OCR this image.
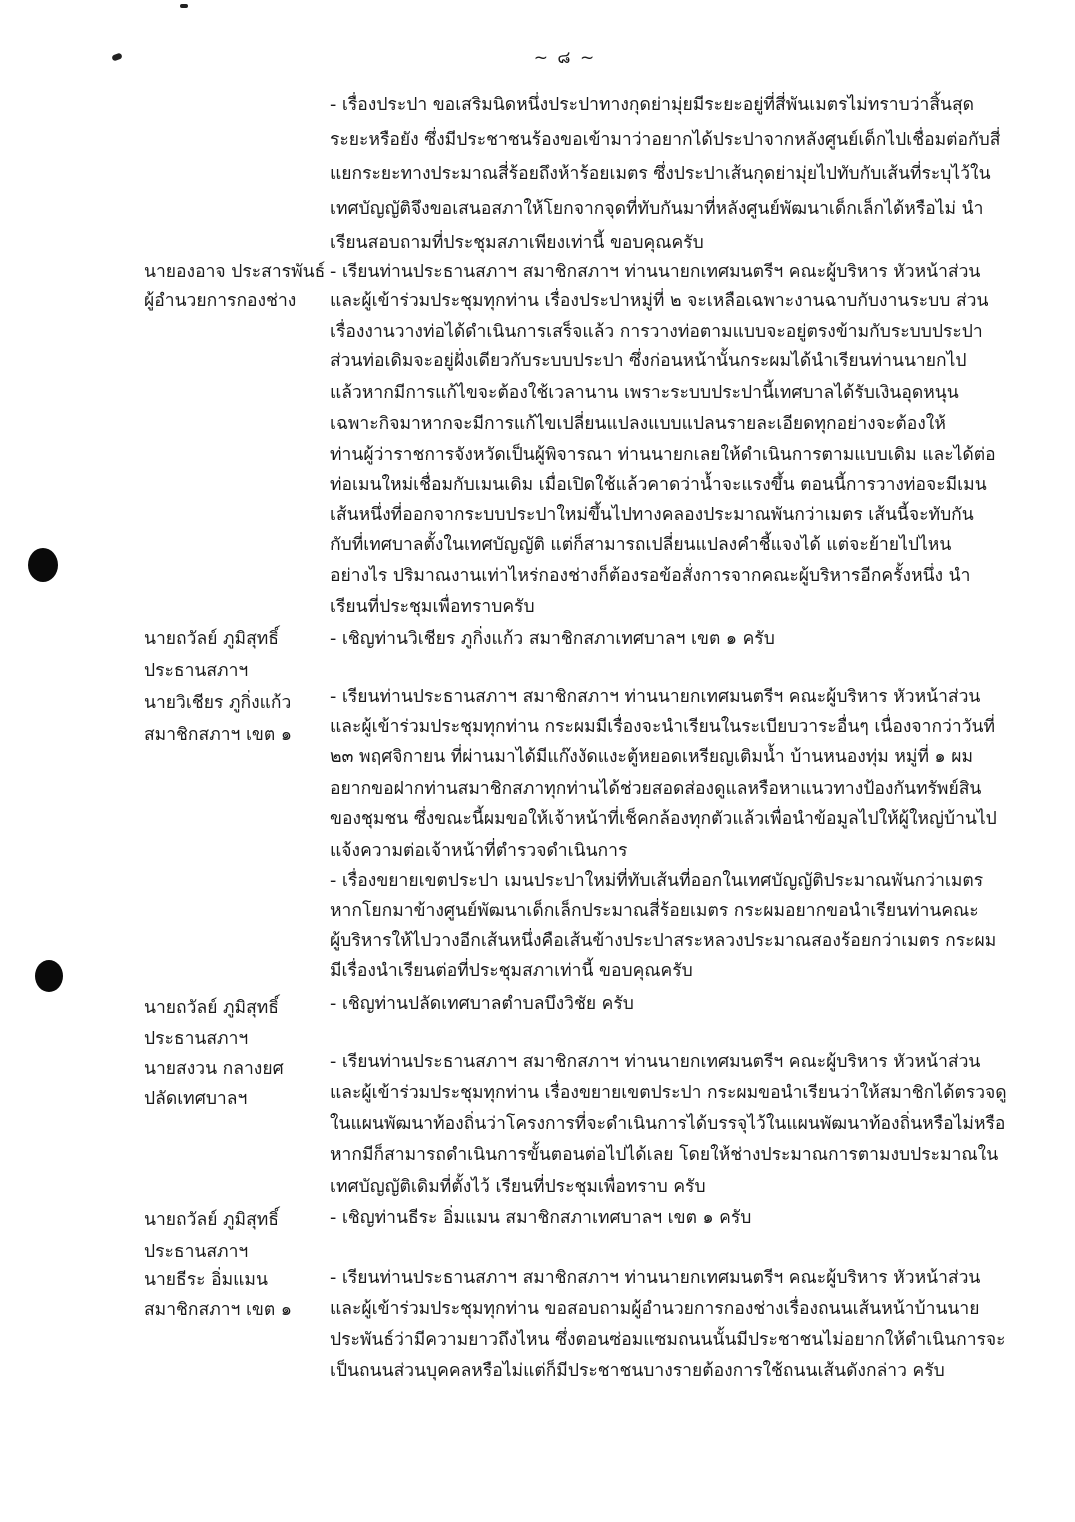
~ ๘ ~
- เรื่องประปา ขอเสริมนิดหนึ่งประปาทางกุดย่ามุ่ยมีระยะอยู่ที่สี่พันเมตรไม่ทราบว่าสิ้นสุด
ระยะหรือยัง ซึ่งมีประชาชนร้องขอเข้ามาว่าอยากได้ประปาจากหลังศูนย์เด็กไปเชื่อมต่อกับสี่
แยกระยะทางประมาณสี่ร้อยถึงห้าร้อยเมตร ซึ่งประปาเส้นกุดย่ามุ่ยไปทับกับเส้นที่ระบุไว้ใน
เทศบัญญัติจึงขอเสนอสภาให้โยกจากจุดที่ทับกันมาที่หลังศูนย์พัฒนาเด็กเล็กได้หรือไม่ นำ
เรียนสอบถามที่ประชุมสภาเพียงเท่านี้ ขอบคุณครับ
นายองอาจ ประสารพันธ์
ผู้อำนวยการกองช่าง
- เรียนท่านประธานสภาฯ สมาชิกสภาฯ ท่านนายกเทศมนตรีฯ คณะผู้บริหาร หัวหน้าส่วน
และผู้เข้าร่วมประชุมทุกท่าน เรื่องประปาหมู่ที่ ๒ จะเหลือเฉพาะงานฉาบกับงานระบบ ส่วน
เรื่องงานวางท่อได้ดำเนินการเสร็จแล้ว การวางท่อตามแบบจะอยู่ตรงข้ามกับระบบประปา
ส่วนท่อเดิมจะอยู่ฝั่งเดียวกับระบบประปา ซึ่งก่อนหน้านั้นกระผมได้นำเรียนท่านนายกไป
แล้วหากมีการแก้ไขจะต้องใช้เวลานาน เพราะระบบประปานี้เทศบาลได้รับเงินอุดหนุน
เฉพาะกิจมาหากจะมีการแก้ไขเปลี่ยนแปลงแบบแปลนรายละเอียดทุกอย่างจะต้องให้
ท่านผู้ว่าราชการจังหวัดเป็นผู้พิจารณา ท่านนายกเลยให้ดำเนินการตามแบบเดิม และได้ต่อ
ท่อเมนใหม่เชื่อมกับเมนเดิม เมื่อเปิดใช้แล้วคาดว่าน้ำจะแรงขึ้น ตอนนี้การวางท่อจะมีเมน
เส้นหนึ่งที่ออกจากระบบประปาใหม่ขึ้นไปทางคลองประมาณพันกว่าเมตร เส้นนี้จะทับกัน
กับที่เทศบาลตั้งในเทศบัญญัติ แต่ก็สามารถเปลี่ยนแปลงคำชี้แจงได้ แต่จะย้ายไปไหน
อย่างไร ปริมาณงานเท่าไหร่กองช่างก็ต้องรอข้อสั่งการจากคณะผู้บริหารอีกครั้งหนึ่ง นำ
เรียนที่ประชุมเพื่อทราบครับ
นายถวัลย์ ภูมิสุทธิ์
ประธานสภาฯ
- เชิญท่านวิเชียร ภูกิ่งแก้ว สมาชิกสภาเทศบาลฯ เขต ๑ ครับ
นายวิเชียร ภูกิ่งแก้ว
สมาชิกสภาฯ เขต ๑
- เรียนท่านประธานสภาฯ สมาชิกสภาฯ ท่านนายกเทศมนตรีฯ คณะผู้บริหาร หัวหน้าส่วน
และผู้เข้าร่วมประชุมทุกท่าน กระผมมีเรื่องจะนำเรียนในระเบียบวาระอื่นๆ เนื่องจากว่าวันที่
๒๓ พฤศจิกายน ที่ผ่านมาได้มีแก๊งงัดแงะตู้หยอดเหรียญเติมน้ำ บ้านหนองทุ่ม หมู่ที่ ๑ ผม
อยากขอฝากท่านสมาชิกสภาทุกท่านได้ช่วยสอดส่องดูแลหรือหาแนวทางป้องกันทรัพย์สิน
ของชุมชน ซึ่งขณะนี้ผมขอให้เจ้าหน้าที่เช็คกล้องทุกตัวแล้วเพื่อนำข้อมูลไปให้ผู้ใหญ่บ้านไป
แจ้งความต่อเจ้าหน้าที่ตำรวจดำเนินการ
- เรื่องขยายเขตประปา เมนประปาใหม่ที่ทับเส้นที่ออกในเทศบัญญัติประมาณพันกว่าเมตร
หากโยกมาข้างศูนย์พัฒนาเด็กเล็กประมาณสี่ร้อยเมตร กระผมอยากขอนำเรียนท่านคณะ
ผู้บริหารให้ไปวางอีกเส้นหนึ่งคือเส้นข้างประปาสระหลวงประมาณสองร้อยกว่าเมตร กระผม
มีเรื่องนำเรียนต่อที่ประชุมสภาเท่านี้ ขอบคุณครับ
นายถวัลย์ ภูมิสุทธิ์
ประธานสภาฯ
- เชิญท่านปลัดเทศบาลตำบลบึงวิชัย ครับ
นายสงวน กลางยศ
ปลัดเทศบาลฯ
- เรียนท่านประธานสภาฯ สมาชิกสภาฯ ท่านนายกเทศมนตรีฯ คณะผู้บริหาร หัวหน้าส่วน
และผู้เข้าร่วมประชุมทุกท่าน เรื่องขยายเขตประปา กระผมขอนำเรียนว่าให้สมาชิกได้ตรวจดู
ในแผนพัฒนาท้องถิ่นว่าโครงการที่จะดำเนินการได้บรรจุไว้ในแผนพัฒนาท้องถิ่นหรือไม่หรือ
หากมีก็สามารถดำเนินการขั้นตอนต่อไปได้เลย โดยให้ช่างประมาณการตามงบประมาณใน
เทศบัญญัติเดิมที่ตั้งไว้ เรียนที่ประชุมเพื่อทราบ ครับ
นายถวัลย์ ภูมิสุทธิ์
ประธานสภาฯ
- เชิญท่านธีระ อิ่มแมน สมาชิกสภาเทศบาลฯ เขต ๑ ครับ
นายธีระ อิ่มแมน
สมาชิกสภาฯ เขต ๑
- เรียนท่านประธานสภาฯ สมาชิกสภาฯ ท่านนายกเทศมนตรีฯ คณะผู้บริหาร หัวหน้าส่วน
และผู้เข้าร่วมประชุมทุกท่าน ขอสอบถามผู้อำนวยการกองช่างเรื่องถนนเส้นหน้าบ้านนาย
ประพันธ์ว่ามีความยาวถึงไหน ซึ่งตอนซ่อมแซมถนนนั้นมีประชาชนไม่อยากให้ดำเนินการจะ
เป็นถนนส่วนบุคคลหรือไม่แต่ก็มีประชาชนบางรายต้องการใช้ถนนเส้นดังกล่าว ครับ
